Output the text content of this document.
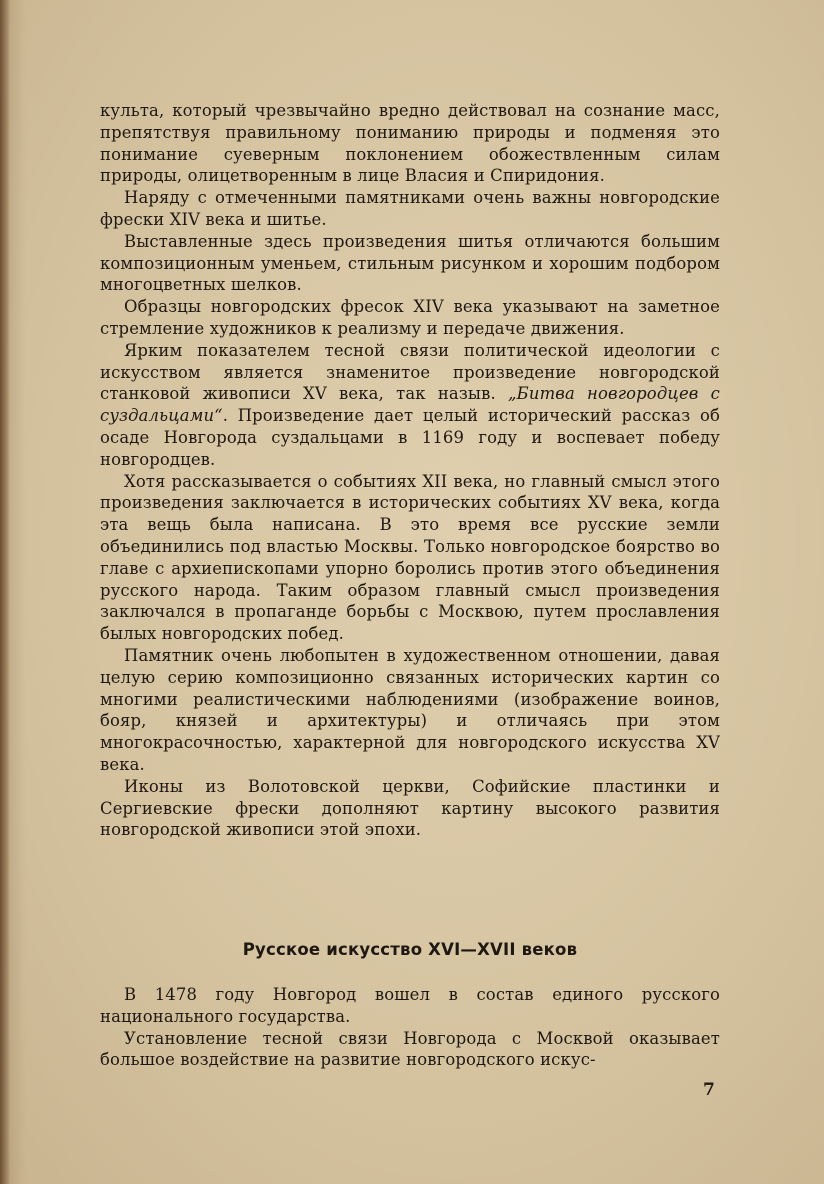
культа, который чрезвычайно вредно действовал на сознание масс, препятствуя правильному пониманию природы и подменяя это понимание суеверным поклонением обожествленным силам природы, олицетворенным в лице Власия и Спиридония.

Наряду с отмеченными памятниками очень важны новгородские фрески XIV века и шитье.

Выставленные здесь произведения шитья отличаются большим композиционным уменьем, стильным рисунком и хорошим подбором многоцветных шелков.

Образцы новгородских фресок XIV века указывают на заметное стремление художников к реализму и передаче движения.

Ярким показателем тесной связи политической идеологии с искусством является знаменитое произведение новгородской станковой живописи XV века, так назыв. „Битва новгородцев с суздальцами“. Произведение дает целый исторический рассказ об осаде Новгорода суздальцами в 1169 году и воспевает победу новгородцев.

Хотя рассказывается о событиях XII века, но главный смысл этого произведения заключается в исторических событиях XV века, когда эта вещь была написана. В это время все русские земли объединились под властью Москвы. Только новгородское боярство во главе с архиепископами упорно боролись против этого объединения русского народа. Таким образом главный смысл произведения заключался в пропаганде борьбы с Москвою, путем прославления былых новгородских побед.

Памятник очень любопытен в художественном отношении, давая целую серию композиционно связанных исторических картин со многими реалистическими наблюдениями (изображение воинов, бояр, князей и архитектуры) и отличаясь при этом многокрасочностью, характерной для новгородского искусства XV века.

Иконы из Волотовской церкви, Софийские пластинки и Сергиевские фрески дополняют картину высокого развития новгородской живописи этой эпохи.

Русское искусство XVI—XVII веков

В 1478 году Новгород вошел в состав единого русского национального государства.

Установление тесной связи Новгорода с Москвой оказывает большое воздействие на развитие новгородского искус-

7
